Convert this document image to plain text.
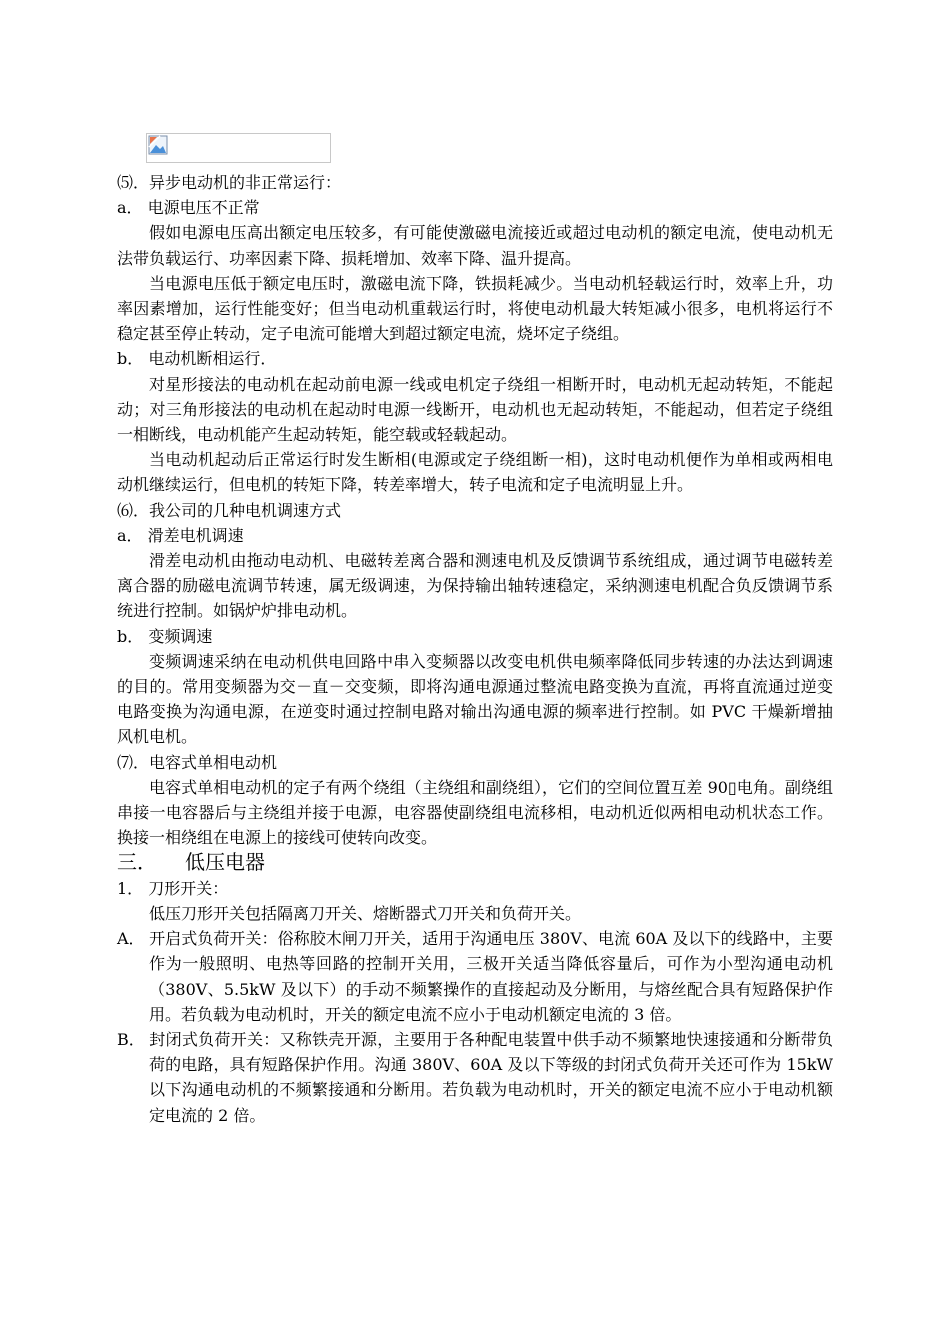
⑸．异步电动机的非正常运行：

a． 电源电压不正常

假如电源电压高出额定电压较多，有可能使激磁电流接近或超过电动机的额定电流，使电动机无法带负载运行、功率因素下降、损耗增加、效率下降、温升提高。

当电源电压低于额定电压时，激磁电流下降，铁损耗减少。当电动机轻载运行时，效率上升，功率因素增加，运行性能变好；但当电动机重载运行时，将使电动机最大转矩减小很多，电机将运行不稳定甚至停止转动，定子电流可能增大到超过额定电流，烧坏定子绕组。

b． 电动机断相运行．

对星形接法的电动机在起动前电源一线或电机定子绕组一相断开时，电动机无起动转矩，不能起动；对三角形接法的电动机在起动时电源一线断开，电动机也无起动转矩，不能起动，但若定子绕组一相断线，电动机能产生起动转矩，能空载或轻载起动。

当电动机起动后正常运行时发生断相(电源或定子绕组断一相)，这时电动机便作为单相或两相电动机继续运行，但电机的转矩下降，转差率增大，转子电流和定子电流明显上升。

⑹．我公司的几种电机调速方式

a． 滑差电机调速

滑差电动机由拖动电动机、电磁转差离合器和测速电机及反馈调节系统组成，通过调节电磁转差离合器的励磁电流调节转速，属无级调速，为保持输出轴转速稳定，采纳测速电机配合负反馈调节系统进行控制。如锅炉炉排电动机。

b． 变频调速

变频调速采纳在电动机供电回路中串入变频器以改变电机供电频率降低同步转速的办法达到调速的目的。常用变频器为交－直－交变频，即将沟通电源通过整流电路变换为直流，再将直流通过逆变电路变换为沟通电源，在逆变时通过控制电路对输出沟通电源的频率进行控制。如 PVC 干燥新增抽风机电机。

⑺．电容式单相电动机

电容式单相电动机的定子有两个绕组（主绕组和副绕组），它们的空间位置互差 90▯电角。副绕组串接一电容器后与主绕组并接于电源，电容器使副绕组电流移相，电动机近似两相电动机状态工作。换接一相绕组在电源上的接线可使转向改变。

三． 低压电器

1． 刀形开关：

低压刀形开关包括隔离刀开关、熔断器式刀开关和负荷开关。

A． 开启式负荷开关：俗称胶木闸刀开关，适用于沟通电压 380V、电流 60A 及以下的线路中，主要作为一般照明、电热等回路的控制开关用，三极开关适当降低容量后，可作为小型沟通电动机（380V、5.5kW 及以下）的手动不频繁操作的直接起动及分断用，与熔丝配合具有短路保护作用。若负载为电动机时，开关的额定电流不应小于电动机额定电流的 3 倍。

B． 封闭式负荷开关：又称铁壳开源，主要用于各种配电装置中供手动不频繁地快速接通和分断带负荷的电路，具有短路保护作用。沟通 380V、60A 及以下等级的封闭式负荷开关还可作为 15kW 以下沟通电动机的不频繁接通和分断用。若负载为电动机时，开关的额定电流不应小于电动机额定电流的 2 倍。
